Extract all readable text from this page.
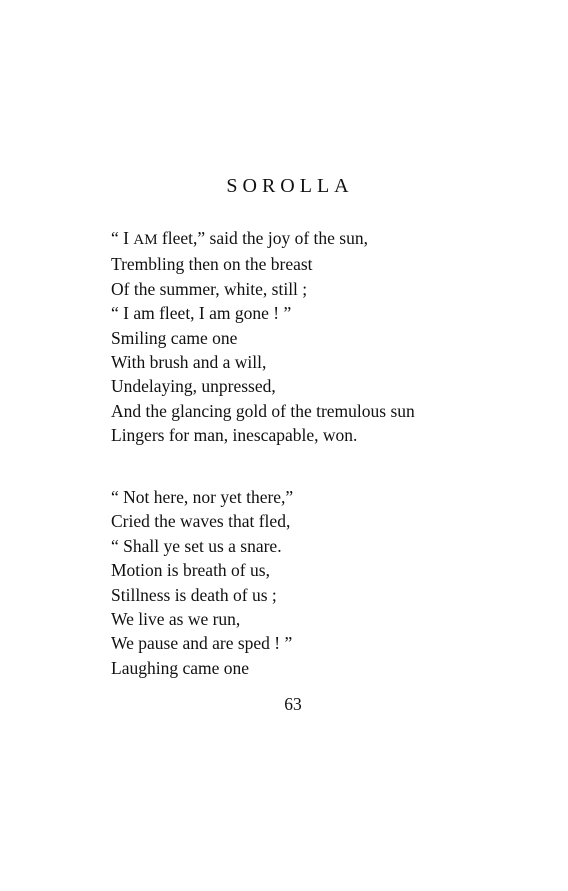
SOROLLA
“ I AM fleet,” said the joy of the sun,
Trembling then on the breast
Of the summer, white, still ;
“ I am fleet, I am gone ! ”
Smiling came one
With brush and a will,
Undelaying, unpressed,
And the glancing gold of the tremulous sun
Lingers for man, inescapable, won.
“ Not here, nor yet there,”
Cried the waves that fled,
“ Shall ye set us a snare.
Motion is breath of us,
Stillness is death of us ;
We live as we run,
We pause and are sped ! ”
Laughing came one
63
